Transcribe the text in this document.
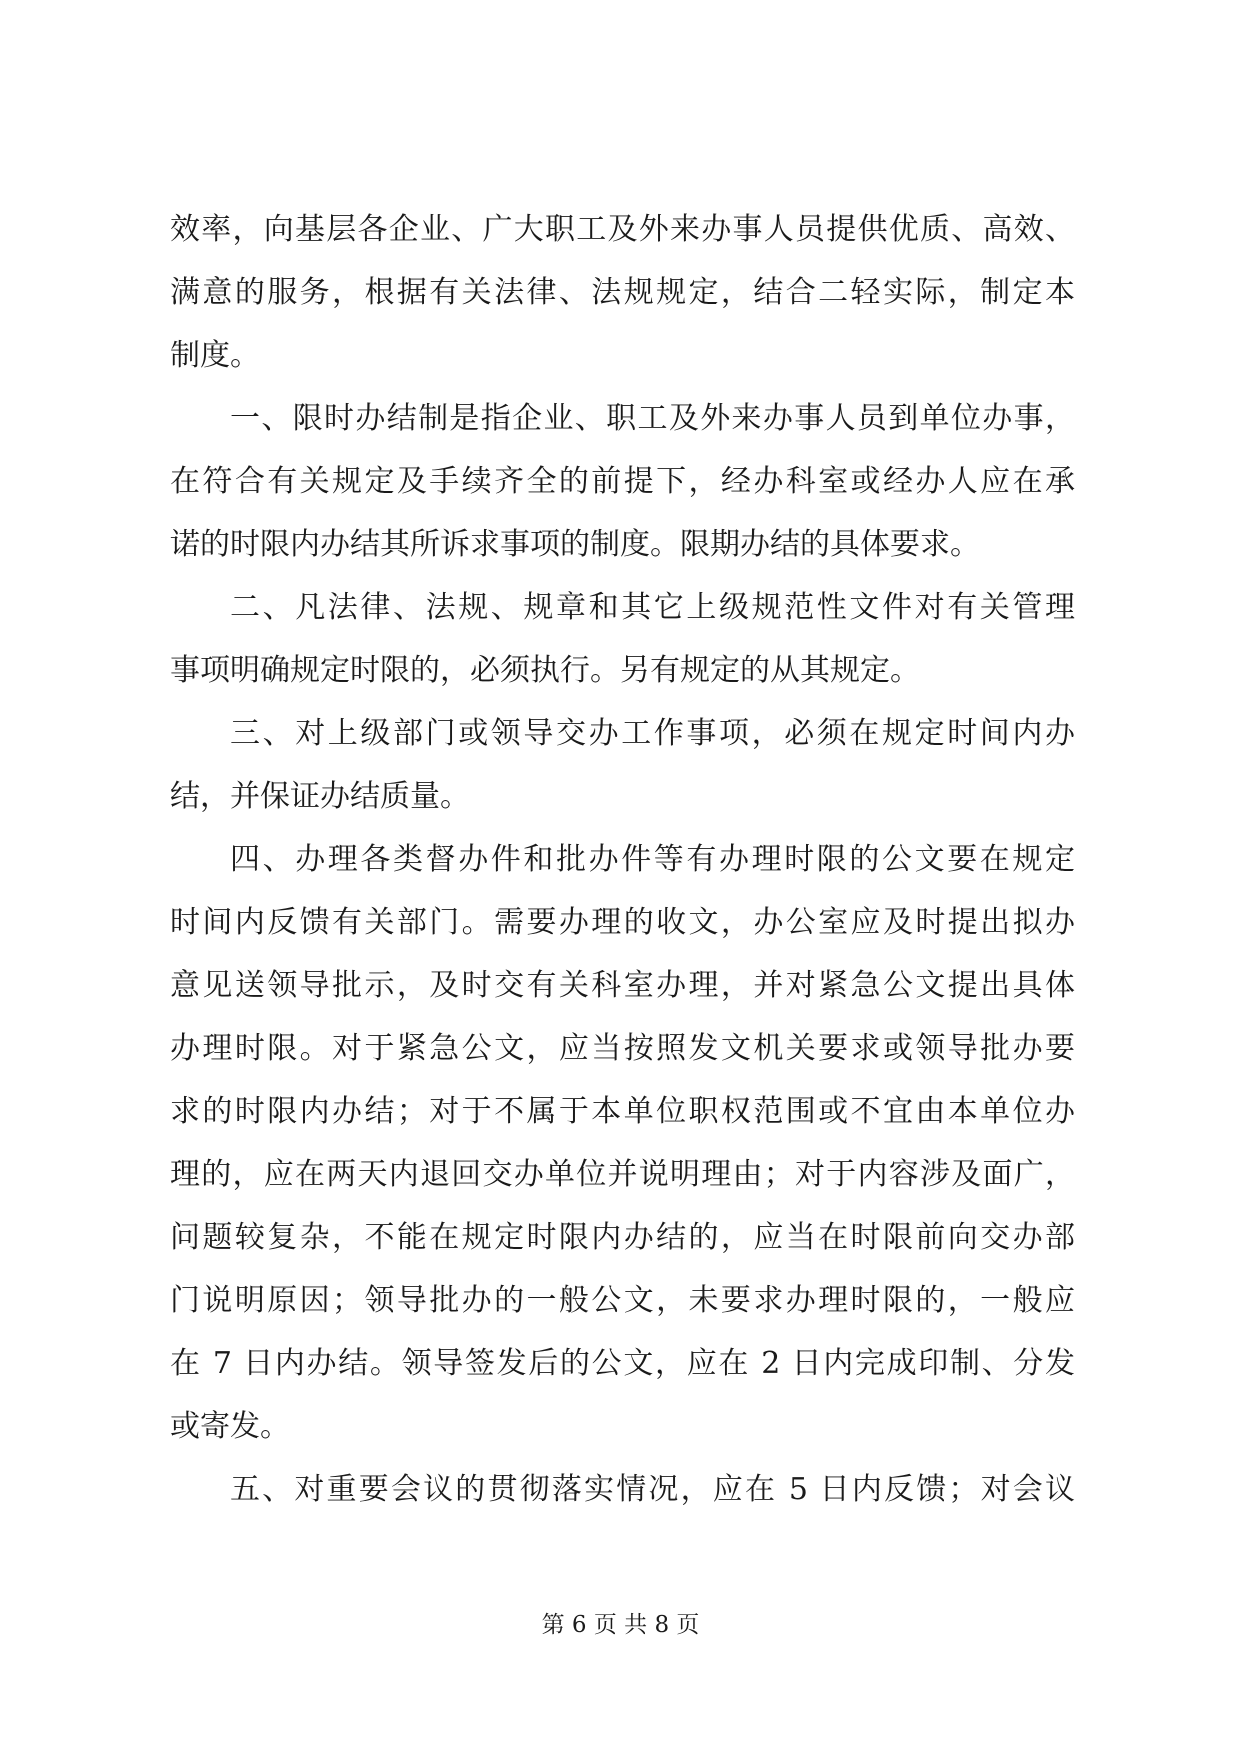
效率，向基层各企业、广大职工及外来办事人员提供优质、高效、
满意的服务，根据有关法律、法规规定，结合二轻实际，制定本
制度。
一、限时办结制是指企业、职工及外来办事人员到单位办事，
在符合有关规定及手续齐全的前提下，经办科室或经办人应在承
诺的时限内办结其所诉求事项的制度。限期办结的具体要求。
二、凡法律、法规、规章和其它上级规范性文件对有关管理
事项明确规定时限的，必须执行。另有规定的从其规定。
三、对上级部门或领导交办工作事项，必须在规定时间内办
结，并保证办结质量。
四、办理各类督办件和批办件等有办理时限的公文要在规定
时间内反馈有关部门。需要办理的收文，办公室应及时提出拟办
意见送领导批示，及时交有关科室办理，并对紧急公文提出具体
办理时限。对于紧急公文，应当按照发文机关要求或领导批办要
求的时限内办结；对于不属于本单位职权范围或不宜由本单位办
理的，应在两天内退回交办单位并说明理由；对于内容涉及面广，
问题较复杂，不能在规定时限内办结的，应当在时限前向交办部
门说明原因；领导批办的一般公文，未要求办理时限的，一般应
在 7 日内办结。领导签发后的公文，应在 2 日内完成印制、分发
或寄发。
五、对重要会议的贯彻落实情况，应在 5 日内反馈；对会议
第 6 页 共 8 页
